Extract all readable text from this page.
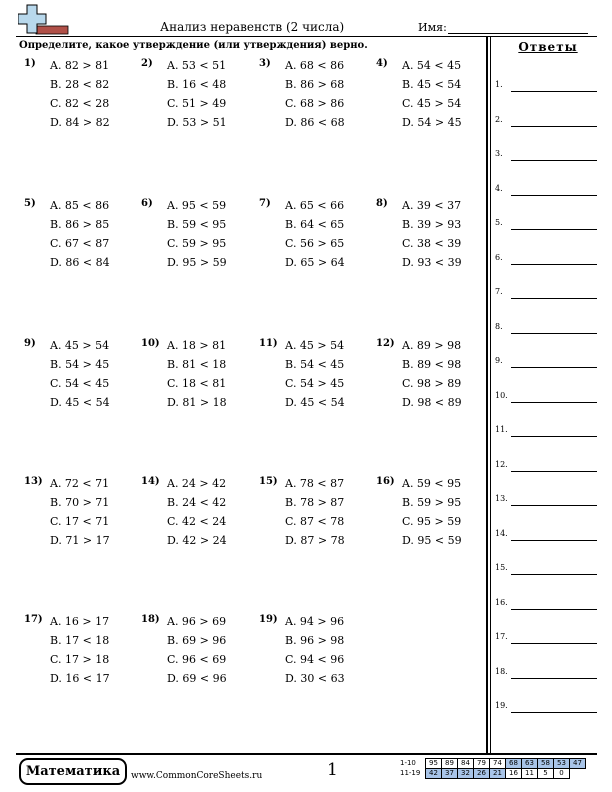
Анализ неравенств (2 числа)	Имя:
Определите, какое утверждение (или утверждения) верно.
1) A. 82 > 81
B. 28 < 82
C. 82 < 28
D. 84 > 82
2) A. 53 < 51
B. 16 < 48
C. 51 > 49
D. 53 > 51
3) A. 68 < 86
B. 86 > 68
C. 68 > 86
D. 86 < 68
4) A. 54 < 45
B. 45 < 54
C. 45 > 54
D. 54 > 45
5) A. 85 < 86
B. 86 > 85
C. 67 < 87
D. 86 < 84
6) A. 95 < 59
B. 59 < 95
C. 59 > 95
D. 95 > 59
7) A. 65 < 66
B. 64 < 65
C. 56 > 65
D. 65 > 64
8) A. 39 < 37
B. 39 > 93
C. 38 < 39
D. 93 < 39
9) A. 45 > 54
B. 54 > 45
C. 54 < 45
D. 45 < 54
10) A. 18 > 81
B. 81 < 18
C. 18 < 81
D. 81 > 18
11) A. 45 > 54
B. 54 < 45
C. 54 > 45
D. 45 < 54
12) A. 89 > 98
B. 89 < 98
C. 98 > 89
D. 98 < 89
13) A. 72 < 71
B. 70 > 71
C. 17 < 71
D. 71 > 17
14) A. 24 > 42
B. 24 < 42
C. 42 < 24
D. 42 > 24
15) A. 78 < 87
B. 78 > 87
C. 87 < 78
D. 87 > 78
16) A. 59 < 95
B. 59 > 95
C. 95 > 59
D. 95 < 59
17) A. 16 > 17
B. 17 < 18
C. 17 > 18
D. 16 < 17
18) A. 96 > 69
B. 69 > 96
C. 96 < 69
D. 69 < 96
19) A. 94 > 96
B. 96 > 98
C. 94 < 96
D. 30 < 63
Ответы
1.
2.
3.
4.
5.
6.
7.
8.
9.
10.
11.
12.
13.
14.
15.
16.
17.
18.
19.
Математика	www.CommonCoreSheets.ru	1	1-10	95	89	84	79	74	68	63	58	53	47
11-19	42	37	32	26	21	16	11	5	0	
